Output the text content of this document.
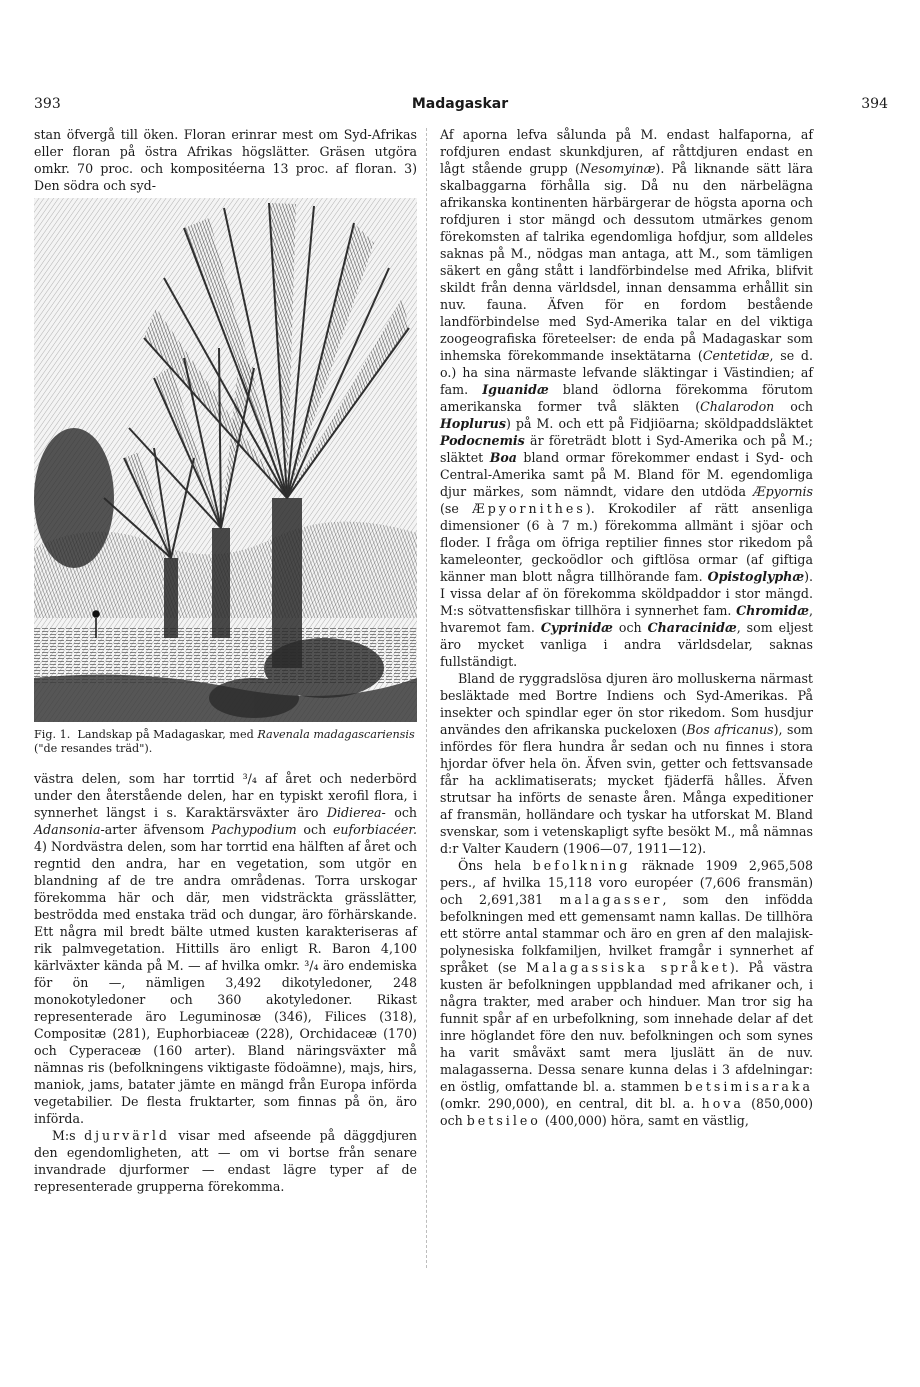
393	Madagaskar	394

stan öfvergå till öken. Floran erinrar mest om Syd-Afrikas eller floran på östra Afrikas högslätter. Gräsen utgöra omkr. 70 proc. och kompositéerna 13 proc. af floran. 3) Den södra och syd-

Fig. 1. Landskap på Madagaskar, med Ravenala madagascariensis ("de resandes träd").

västra delen, som har torrtid ³/₄ af året och nederbörd under den återstående delen, har en typiskt xerofil flora, i synnerhet längst i s. Karaktärsväxter äro Didierea- och Adansonia-arter äfvensom Pachypodium och euforbiacéer. 4) Nordvästra delen, som har torrtid ena hälften af året och regntid den andra, har en vegetation, som utgör en blandning af de tre andra områdenas. Torra urskogar förekomma här och där, men vidsträckta grässlätter, beströdda med enstaka träd och dungar, äro förhärskande. Ett några mil bredt bälte utmed kusten karakteriseras af rik palmvegetation. Hittills äro enligt R. Baron 4,100 kärlväxter kända på M. — af hvilka omkr. ³/₄ äro endemiska för ön —, nämligen 3,492 dikotyledoner, 248 monokotyledoner och 360 akotyledoner. Rikast representerade äro Leguminosæ (346), Filices (318), Compositæ (281), Euphorbiaceæ (228), Orchidaceæ (170) och Cyperaceæ (160 arter). Bland näringsväxter må nämnas ris (befolkningens viktigaste födoämne), majs, hirs, maniok, jams, batater jämte en mängd från Europa införda vegetabilier. De flesta fruktarter, som finnas på ön, äro införda.

M:s djurvärld visar med afseende på däggdjuren den egendomligheten, att — om vi bortse från senare invandrade djurformer — endast lägre typer af de representerade grupperna förekomma.

Af aporna lefva sålunda på M. endast halfaporna, af rofdjuren endast skunkdjuren, af råttdjuren endast en lågt stående grupp (Nesomyinæ). På liknande sätt lära skalbaggarna förhålla sig. Då nu den närbelägna afrikanska kontinenten härbärgerar de högsta aporna och rofdjuren i stor mängd och dessutom utmärkes genom förekomsten af talrika egendomliga hofdjur, som alldeles saknas på M., nödgas man antaga, att M., som tämligen säkert en gång stått i landförbindelse med Afrika, blifvit skildt från denna världsdel, innan densamma erhållit sin nuv. fauna. Äfven för en fordom bestående landförbindelse med Syd-Amerika talar en del viktiga zoogeografiska företeelser: de enda på Madagaskar som inhemska förekommande insektätarna (Centetidæ, se d. o.) ha sina närmaste lefvande släktingar i Västindien; af fam. Iguanidæ bland ödlorna förekomma förutom amerikanska former två släkten (Chalarodon och Hoplurus) på M. och ett på Fidjiöarna; sköldpaddsläktet Podocnemis är företrädt blott i Syd-Amerika och på M.; släktet Boa bland ormar förekommer endast i Syd- och Central-Amerika samt på M. Bland för M. egendomliga djur märkes, som nämndt, vidare den utdöda Æpyornis (se Æpyornithes). Krokodiler af rätt ansenliga dimensioner (6 à 7 m.) förekomma allmänt i sjöar och floder. I fråga om öfriga reptilier finnes stor rikedom på kameleonter, geckoödlor och giftlösa ormar (af giftiga känner man blott några tillhörande fam. Opistoglyphæ). I vissa delar af ön förekomma sköldpaddor i stor mängd. M:s sötvattensfiskar tillhöra i synnerhet fam. Chromidæ, hvaremot fam. Cyprinidæ och Characinidæ, som eljest äro mycket vanliga i andra världsdelar, saknas fullständigt.

Bland de ryggradslösa djuren äro molluskerna närmast besläktade med Bortre Indiens och Syd-Amerikas. På insekter och spindlar eger ön stor rikedom. Som husdjur användes den afrikanska puckeloxen (Bos africanus), som infördes för flera hundra år sedan och nu finnes i stora hjordar öfver hela ön. Äfven svin, getter och fettsvansade får ha acklimatiserats; mycket fjäderfä hålles. Äfven strutsar ha införts de senaste åren. Många expeditioner af fransmän, holländare och tyskar ha utforskat M. Bland svenskar, som i vetenskapligt syfte besökt M., må nämnas d:r Valter Kaudern (1906—07, 1911—12).

Öns hela befolkning räknade 1909 2,965,508 pers., af hvilka 15,118 voro européer (7,606 fransmän) och 2,691,381 malagasser, som den infödda befolkningen med ett gemensamt namn kallas. De tillhöra ett större antal stammar och äro en gren af den malajisk-polynesiska folkfamiljen, hvilket framgår i synnerhet af språket (se Malagassiska språket). På västra kusten är befolkningen uppblandad med afrikaner och, i några trakter, med araber och hinduer. Man tror sig ha funnit spår af en urbefolkning, som innehade delar af det inre höglandet före den nuv. befolkningen och som synes ha varit småväxt samt mera ljuslätt än de nuv. malagasserna. Dessa senare kunna delas i 3 afdelningar: en östlig, omfattande bl. a. stammen betsimisaraka (omkr. 290,000), en central, dit bl. a. hova (850,000) och betsileo (400,000) höra, samt en västlig,
